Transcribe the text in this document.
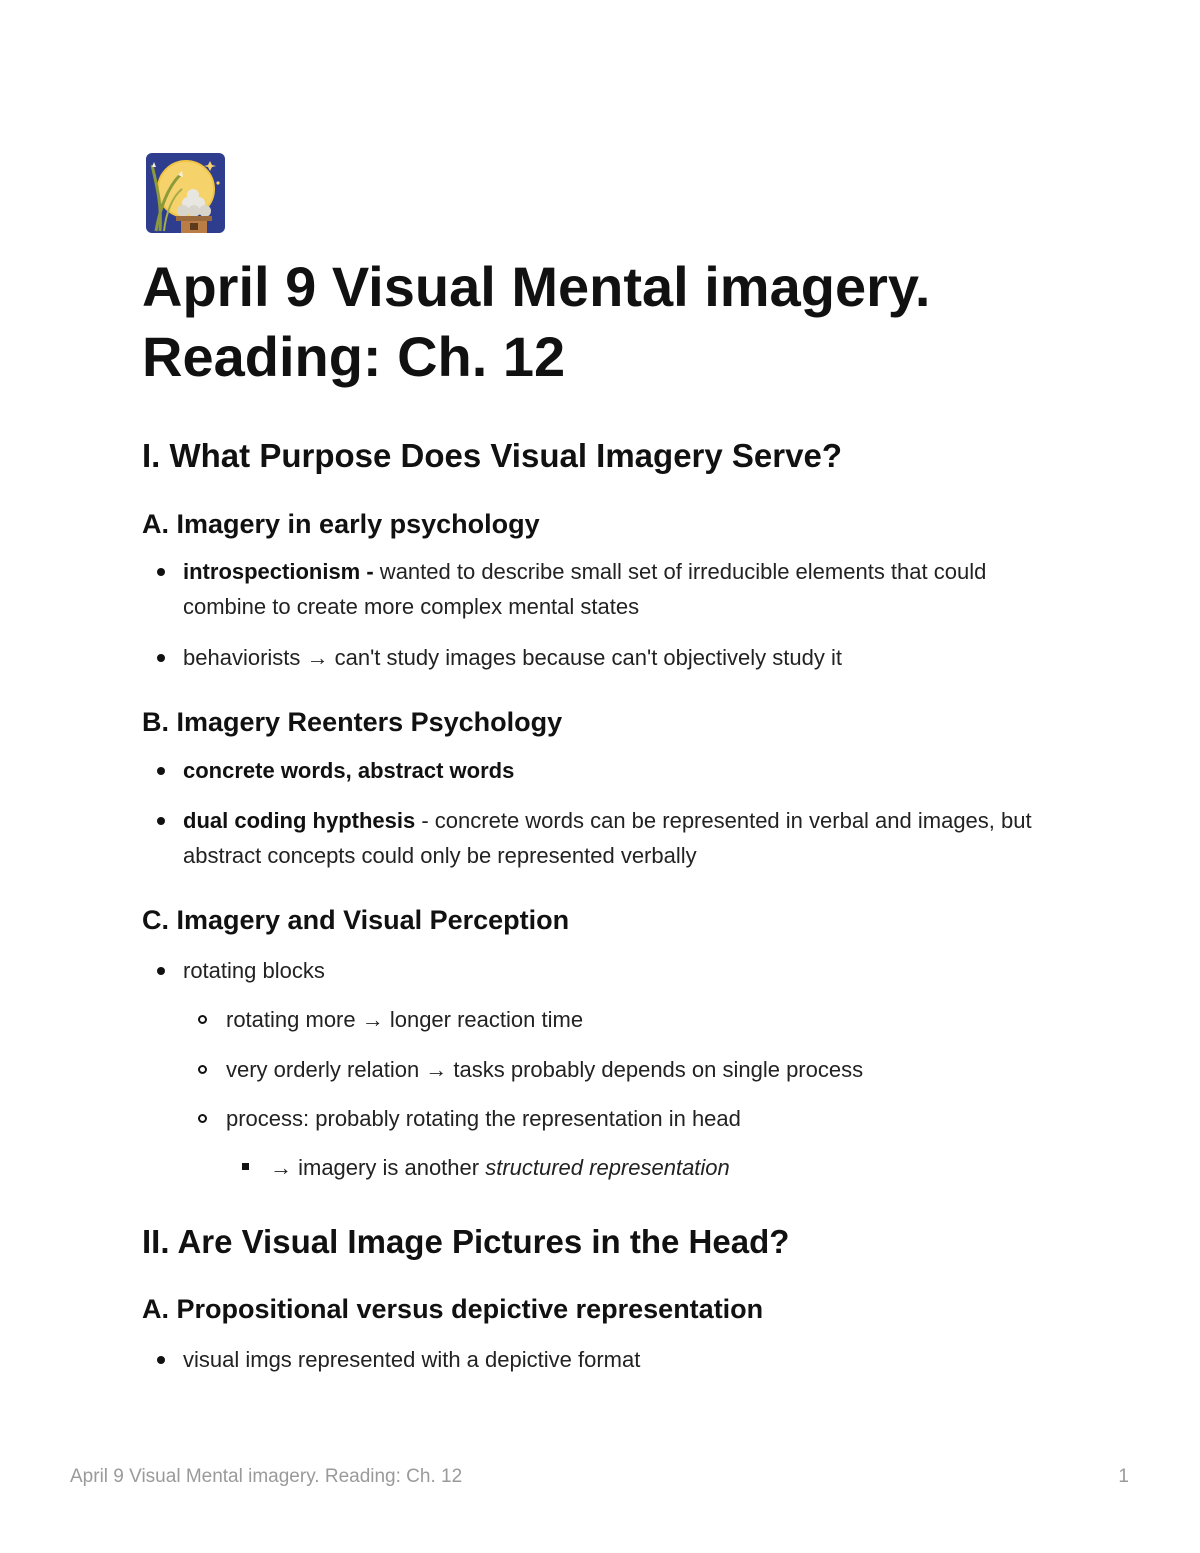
April 9 Visual Mental imagery.
Reading: Ch. 12
I. What Purpose Does Visual Imagery Serve?
A. Imagery in early psychology

introspectionism - wanted to describe small set of irreducible elements that could combine to create more complex mental states

behaviorists → can't study images because can't objectively study it

B. Imagery Reenters Psychology

concrete words, abstract words

dual coding hypthesis - concrete words can be represented in verbal and images, but abstract concepts could only be represented verbally

C. Imagery and Visual Perception

rotating blocks

rotating more → longer reaction time

very orderly relation → tasks probably depends on single process

process: probably rotating the representation in head

→ imagery is another structured representation

II. Are Visual Image Pictures in the Head?
A. Propositional versus depictive representation

visual imgs represented with a depictive format

April 9 Visual Mental imagery. Reading: Ch. 12	1
